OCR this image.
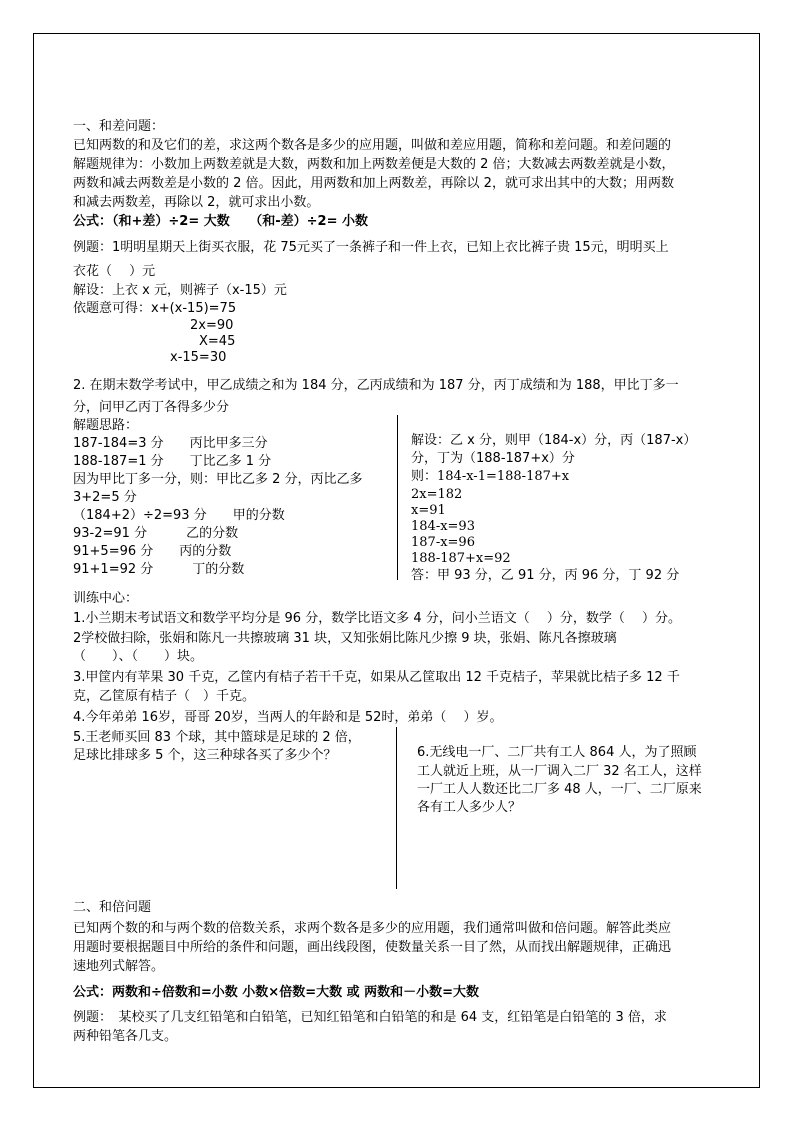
一、和差问题：
已知两数的和及它们的差，求这两个数各是多少的应用题，叫做和差应用题，简称和差问题。和差问题的
解题规律为：小数加上两数差就是大数，两数和加上两数差便是大数的 2 倍；大数减去两数差就是小数，
两数和减去两数差是小数的 2 倍。因此，用两数和加上两数差，再除以 2，就可求出其中的大数；用两数
和减去两数差，再除以 2，就可求出小数。
公式：（和+差）÷2= 大数　　（和-差）÷2= 小数
例题：1明明星期天上街买衣服，花 75元买了一条裤子和一件上衣，已知上衣比裤子贵 15元，明明买上
衣花（　 ）元
解设：上衣 x 元，则裤子（x-15）元
依题意可得：x+(x-15)=75
2x=90
X=45
x-15=30
2. 在期末数学考试中，甲乙成绩之和为 184 分，乙丙成绩和为 187 分，丙丁成绩和为 188，甲比丁多一
分，问甲乙丙丁各得多少分
解题思路：
187-184=3 分　　丙比甲多三分
188-187=1 分　　丁比乙多 1 分
因为甲比丁多一分，则：甲比乙多 2 分，丙比乙多
3+2=5 分
（184+2）÷2=93 分　　甲的分数
93-2=91 分　　　乙的分数
91+5=96 分　　丙的分数
91+1=92 分　　　丁的分数
解设：乙 x 分，则甲（184-x）分，丙（187-x）
分，丁为（188-187+x）分
则：184-x-1=188-187+x
2x=182
x=91
184-x=93
187-x=96
188-187+x=92
答：甲 93 分，乙 91 分，丙 96 分，丁 92 分
训练中心：
1.小兰期末考试语文和数学平均分是 96 分，数学比语文多 4 分，问小兰语文（　 ）分，数学（　 ）分。
2学校做扫除，张娟和陈凡一共擦玻璃 31 块，又知张娟比陈凡少擦 9 块，张娟、陈凡各擦玻璃
（　　）、（　　）块。
3.甲筐内有苹果 30 千克，乙筐内有桔子若干千克，如果从乙筐取出 12 千克桔子，苹果就比桔子多 12 千
克，乙筐原有桔子（　）千克。
4.今年弟弟 16岁，哥哥 20岁，当两人的年龄和是 52时，弟弟（　 ）岁。
5.王老师买回 83 个球，其中篮球是足球的 2 倍，
足球比排球多 5 个，这三种球各买了多少个？	6.无线电一厂、二厂共有工人 864 人，为了照顾
工人就近上班，从一厂调入二厂 32 名工人，这样
一厂工人人数还比二厂多 48 人，一厂、二厂原来
各有工人多少人？
二、和倍问题
已知两个数的和与两个数的倍数关系，求两个数各是多少的应用题，我们通常叫做和倍问题。解答此类应
用题时要根据题目中所给的条件和问题，画出线段图，使数量关系一目了然，从而找出解题规律，正确迅
速地列式解答。
公式：两数和÷倍数和=小数 小数×倍数=大数 或 两数和－小数=大数
例题：　某校买了几支红铅笔和白铅笔，已知红铅笔和白铅笔的和是 64 支，红铅笔是白铅笔的 3 倍，求
两种铅笔各几支。
